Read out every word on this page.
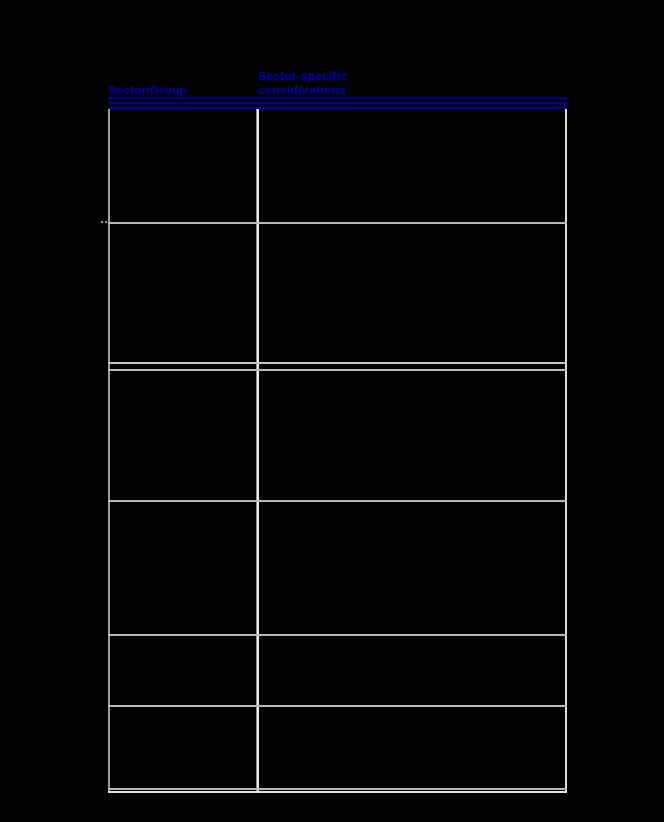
Sector/Group
Sector-specific considerations
